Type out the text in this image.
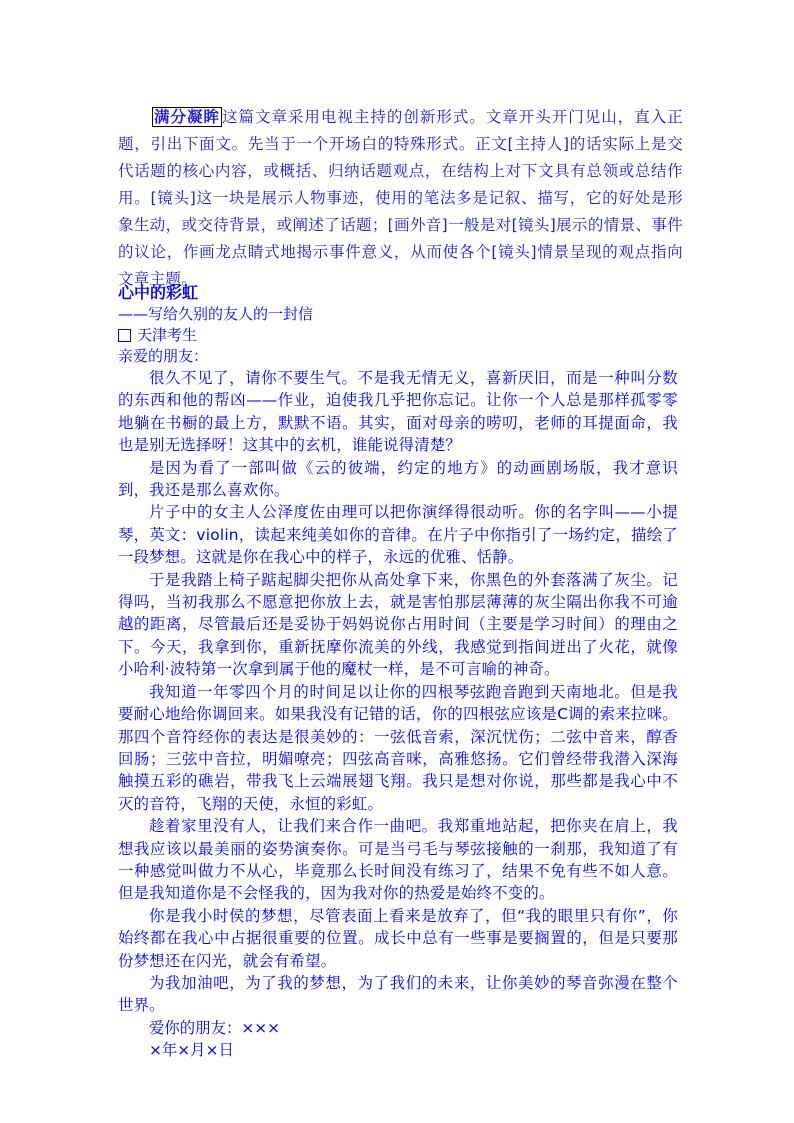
满分凝眸 这篇文章采用电视主持的创新形式。文章开头开门见山，直入正题，引出下面文。先当于一个开场白的特殊形式。正文[主持人]的话实际上是交代话题的核心内容，或概括、归纳话题观点，在结构上对下文具有总领或总结作用。[镜头]这一块是展示人物事迹，使用的笔法多是记叙、描写，它的好处是形象生动，或交待背景，或阐述了话题；[画外音]一般是对[镜头]展示的情景、事件的议论，作画龙点睛式地揭示事件意义，从而使各个[镜头]情景呈现的观点指向文章主题。

心中的彩虹

——写给久别的友人的一封信

天津考生

亲爱的朋友：

很久不见了，请你不要生气。不是我无情无义，喜新厌旧，而是一种叫分数的东西和他的帮凶——作业，迫使我几乎把你忘记。让你一个人总是那样孤零零地躺在书橱的最上方，默默不语。其实，面对母亲的唠叨，老师的耳提面命，我也是别无选择呀！这其中的玄机，谁能说得清楚？

是因为看了一部叫做《云的彼端，约定的地方》的动画剧场版，我才意识到，我还是那么喜欢你。

片子中的女主人公泽度佐由理可以把你演绎得很动听。你的名字叫——小提琴，英文：violin，读起来纯美如你的音律。在片子中你指引了一场约定，描绘了一段梦想。这就是你在我心中的样子，永远的优雅、恬静。

于是我踏上椅子踮起脚尖把你从高处拿下来，你黑色的外套落满了灰尘。记得吗，当初我那么不愿意把你放上去，就是害怕那层薄薄的灰尘隔出你我不可逾越的距离，尽管最后还是妥协于妈妈说你占用时间（主要是学习时间）的理由之下。今天，我拿到你，重新抚摩你流美的外线，我感觉到指间迸出了火花，就像小哈利·波特第一次拿到属于他的魔杖一样，是不可言喻的神奇。

我知道一年零四个月的时间足以让你的四根琴弦跑音跑到天南地北。但是我要耐心地给你调回来。如果我没有记错的话，你的四根弦应该是C调的索来拉咪。那四个音符经你的表达是很美妙的：一弦低音索，深沉忧伤；二弦中音来，醇香回肠；三弦中音拉，明媚嘹亮；四弦高音咪，高雅悠扬。它们曾经带我潜入深海触摸五彩的礁岩，带我飞上云端展翅飞翔。我只是想对你说，那些都是我心中不灭的音符，飞翔的天使，永恒的彩虹。

趁着家里没有人，让我们来合作一曲吧。我郑重地站起，把你夹在肩上，我想我应该以最美丽的姿势演奏你。可是当弓毛与琴弦接触的一刹那，我知道了有一种感觉叫做力不从心，毕竟那么长时间没有练习了，结果不免有些不如人意。但是我知道你是不会怪我的，因为我对你的热爱是始终不变的。

你是我小时侯的梦想，尽管表面上看来是放弃了，但“我的眼里只有你”，你始终都在我心中占据很重要的位置。成长中总有一些事是要搁置的，但是只要那份梦想还在闪光，就会有希望。

为我加油吧，为了我的梦想，为了我们的未来，让你美妙的琴音弥漫在整个世界。

爱你的朋友：×××

×年×月×日
